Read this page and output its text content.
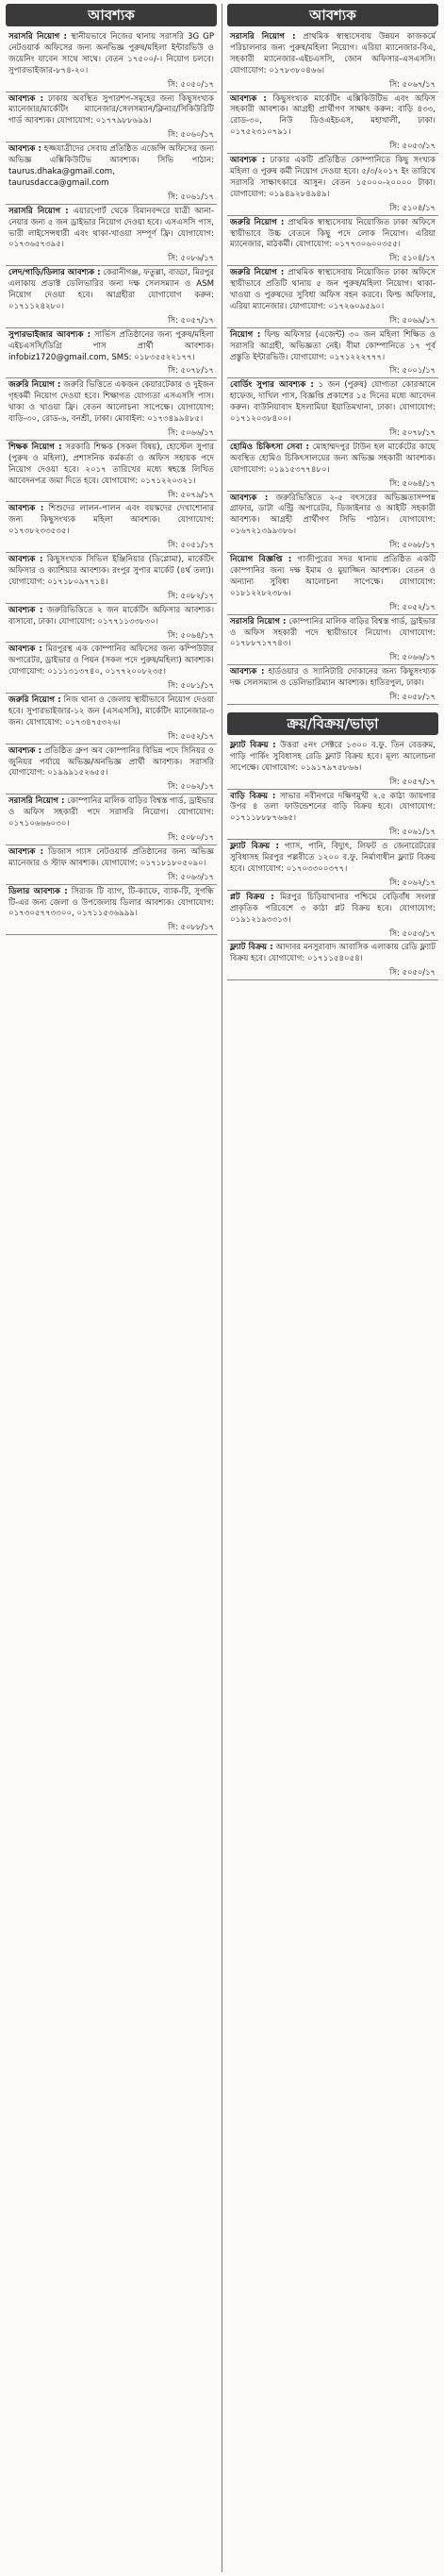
আবশ্যক
সরাসরি নিয়োগ : স্থানীয়ভাবে নিজের থানায় সরাসরি 3G GP নেটওয়ার্ক অফিসের জন্য অনভিজ্ঞ পুরুষ/মহিলা ইন্টারভিউ ও জয়েনিং যাবেন সাথে সাথে। বেতন ১৭৫০০/-। নিয়োগ চলবে। সুপারভাইজার-৮৭৪-২০।
সি: ৫০৫০/১৭
আবশ্যক : ঢাকায় অবস্থিত সুপারশপ-সমূহের জন্য কিছুসংখ্যক ম্যানেজার/মার্কেটিং ম্যানেজার/সেলসম্যান/ক্লিনার/সিকিউরিটি গার্ড আবশ্যক। যোগাযোগ: ০১৭৭৯৮৮৬৯৯।
সি: ৫০৬০/১৭
আবশ্যক : হজ্জযাত্রীদের সেবায় প্রতিষ্ঠিত এজেন্সি অফিসের জন্য অভিজ্ঞ এক্সিকিউটিভ আবশ্যক। সিভি পাঠান: taurus.dhaka@gmail.com, taurusdacca@gmail.com
সি: ৫০৬১/১৭
সরাসরি নিয়োগ : এয়ারপোর্ট থেকে বিমানবন্দরে যাত্রী আনা-নেয়ার জন্য ৫ জন ড্রাইভার নিয়োগ দেওয়া হবে। এসএসসি পাস, ভারী লাইসেন্সধারী এবং থাকা-খাওয়া সম্পূর্ণ ফ্রি। যোগাযোগ: ০১৭৩৬৫৭৩৯৫।
সি: ৫০৮৬/১৭
লেদ/গাড়ি/ডিলার আবশ্যক : কেরানীগঞ্জ, ফতুল্লা, বাড্ডা, মিরপুর এলাকায় প্রডাক্ট ডেলিভারির জন্য দক্ষ সেলসম্যান ও ASM নিয়োগ দেওয়া হবে। আগ্রহীরা যোগাযোগ করুন: ০১৭১১২৪২৮০।
সি: ৫০৫৭/১৭
সুপারভাইজার আবশ্যক : সার্ভিস প্রতিষ্ঠানের জন্য পুরুষ/মহিলা এইচএসসি/ডিগ্রি পাস প্রার্থী আবশ্যক। infobiz1720@gmail.com, SMS: ০১৮৩৫৫২২১৭৭।
সি: ৫০৭৮/১৭
জরুরি নিয়োগ : জরুরি ভিত্তিতে একজন কেয়ারটেকার ও দুইজন গৃহকর্মী নিয়োগ দেওয়া হবে। শিক্ষাগত যোগ্যতা এসএসসি পাস। থাকা ও খাওয়া ফ্রি। বেতন আলোচনা সাপেক্ষে। যোগাযোগ: বাড়ি-৩০, রোড-৬, বনশ্রী, ঢাকা। মোবাইল: ০১৭৩৪৯৯৪৮৫।
সি: ৫০৬৬/১৭
শিক্ষক নিয়োগ : সরকারি শিক্ষক (সকল বিষয়), হোস্টেল সুপার (পুরুষ ও মহিলা), প্রশাসনিক কর্মকর্তা ও অফিস সহায়ক পদে নিয়োগ দেওয়া হবে। ২০১৭ তারিখের মধ্যে স্বহস্তে লিখিত আবেদনপত্র জমা দিতে হবে। যোগাযোগ: ০১৭১২২০৩২১।
সি: ৫০৭৯/১৭
আবশ্যক : শিশুদের লালন-পালন এবং বয়স্কদের দেখাশোনার জন্য কিছুসংখ্যক মহিলা আবশ্যক। যোগাযোগ: ০১৭৩৮২৩৩৫৩৫।
সি: ৫০৫১/১৭
আবশ্যক : কিছুসংখ্যক সিভিল ইঞ্জিনিয়ার (ডিপ্লোমা), মার্কেটিং অফিসার ও ক্যাশিয়ার আবশ্যক। রংপুর সুপার মার্কেট (৪র্থ তলা)। যোগাযোগ: ০১৭১৮০৯৭৭১৪।
সি: ৫০৮২/১৭
আবশ্যক : জরুরিভিত্তিতে ২ জন মার্কেটিং অফিসার আবশ্যক। বাসাবো, ঢাকা। যোগাযোগ: ০১৭৭১১৩৩৮৩০।
সি: ৫০৬৪/১৭
আবশ্যক : মিরপুরস্থ এক কোম্পানির অফিসের জন্য কম্পিউটার অপারেটর, ড্রাইভার ও পিয়ন (সকল পদে পুরুষ/মহিলা) আবশ্যক। যোগাযোগ: ০১১১৩১৩৭৪০, ০১৭৭২০০৮২৩৫।
সি: ৫০৮১/১৭
জরুরি নিয়োগ : নিজ থানা ও জেলায় স্থায়ীভাবে নিয়োগ দেওয়া হবে। সুপারভাইজার-১২ জন (এসএসসি), মার্কেটিং ম্যানেজার-৩ জন। যোগাযোগ: ০১৭৩৪৭৫৩২৬।
সি: ৫০৫২/১৭
আবশ্যক : প্রতিষ্ঠিত গ্রুপ অব কোম্পানির বিভিন্ন পদে সিনিয়র ও জুনিয়র পর্যায়ে অভিজ্ঞ/অনভিজ্ঞ প্রার্থী আবশ্যক। সরাসরি যোগাযোগ: ০১৯৯৯১৫২৬৫৫।
সি: ৫০৬২/১৭
সরাসরি নিয়োগ : কোম্পানির মালিক বাড়ির বিশ্বস্ত গার্ড, ড্রাইভার ও অফিস সহকারী পদে সরাসরি নিয়োগ। যোগাযোগ: ০১৭১০৬৬৬০৩০।
সি: ৫০৮০/১৭
আবশ্যক : ডিজাস গ্যাস নেটওয়ার্ক প্রতিষ্ঠানের জন্য অভিজ্ঞ ম্যানেজার ও স্টাফ আবশ্যক। যোগাযোগ: ০১৭১৮১৮০৫০৯০।
সি: ৫০৬৩/১৭
ডিলার আবশ্যক : সিরাজ টি ব্যাগ, টি-ক্যাফে, ব্যাক-টি, সুগন্ধি টি-এর জন্য জেলা ও উপজেলায় ডিলার আবশ্যক। যোগাযোগ: ০১৭৩০৫৭৭৩৩০০, ০১৭১১৫৩৬৯৯৯।
সি: ৫০৮৮/১৭
আবশ্যক
সরাসরি নিয়োগ : প্রাথমিক স্বাস্থ্যসেবায় উন্নয়ন কাজকর্মে পরিচালনার জন্য পুরুষ/মহিলা নিয়োগ। এরিয়া ম্যানেজার-বিএ, সহকারী ম্যানেজার-এইচএসসি, জোন অফিসার-এসএসসি। যোগাযোগ: ০১৭৮৩৮০৪৬৬।
সি: ৫০৬৭/১৭
আবশ্যক : কিছুসংখ্যক মার্কেটিং এক্সিকিউটিভ এবং অফিস সহকারী আবশ্যক। আগ্রহী প্রার্থীগণ সাক্ষাৎ করুন: বাড়ি ৪৩৩, রোড-৩০, নিউ ডিওএইচএস, মহাখালী, ঢাকা। ০১৭৫২৩১০৭৯১।
সি: ৫০৫৩/১৭
আবশ্যক : ঢাকার একটি প্রতিষ্ঠিত কোম্পানিতে কিছু সংখ্যক মহিলা ও পুরুষ কর্মী নিয়োগ দেওয়া হবে। ৫/৩/২০১৭ ইং তারিখে সরাসরি সাক্ষাৎকারে আসুন। বেতন ১৫০০০-২০০০০ টাকা। যোগাযোগ: ০১৯৪৯২৮৪৯৪৯।
সি: ৫১০৪/১৭
জরুরি নিয়োগ : প্রাথমিক স্বাস্থ্যসেবায় নিয়োজিত ঢাকা অফিসে স্থায়ীভাবে উচ্চ বেতনে কিছু পদে লোক নিয়োগ। এরিয়া ম্যানেজার, মাঠকর্মী। যোগাযোগ: ০১৭৭৩০৬০০৩৫৫।
সি: ৫১০৪/১৭
জরুরি নিয়োগ : প্রাথমিক স্বাস্থ্যসেবায় নিয়োজিত ঢাকা অফিসে স্থায়ীভাবে প্রতিটি থানায় ৫ জন পুরুষ/মহিলা নিয়োগ। থাকা-খাওয়া ও পুরুষদের সুবিধা অফিস বহন করবে। ফিল্ড অফিসার, এরিয়া ম্যানেজার। যোগাযোগ: ০১৭২৬০৯৫৯০।
সি: ৫০৬৯/১৭
নিয়োগ : ফিল্ড অফিসার (এজেন্ট) ৩০ জন মহিলা শিক্ষিত ও সরাসরি আগ্রহী, অভিজ্ঞতা নেই। বীমা কোম্পানিতে ১৭ পূর্ব প্রস্তুতি ইন্টারভিউ। যোগাযোগ: ০১৭১২২২৭৭৭।
সি: ৫০০১/১৭
বোর্ডিং সুপার আবশ্যক : ১ জন (পুরুষ) যোগ্যতা কোরআনে হাফেজ, দাখিল পাস, বিজ্ঞপ্তি প্রকাশের ১৫ দিনের মধ্যে আবেদন করুন। বাউনিয়াবাদ ইসলামিয়া ইয়াতিমখানা, ঢাকা। যোগাযোগ: ০১৭১২০৩৮৪০০।
সি: ৫০৭৮/১৭
হোমিও চিকিৎসা সেবা : মোহাম্মদপুর টাউন হল মার্কেটের কাছে অবস্থিত হোমিও চিকিৎসালয়ের জন্য অভিজ্ঞ সহকারী আবশ্যক। যোগাযোগ: ০১৯১৫৩৭৭৪৮০।
সি: ৫০৬৪/১৭
আবশ্যক : জরুরিভিত্তিতে ২-৫ বৎসরের অভিজ্ঞতাসম্পন্ন গ্রাফার, ডাটা এন্ট্রি অপারেটর, ডিজাইনার ও আইটি সহকারী আবশ্যক। আগ্রহী প্রার্থীগণ সিভি পাঠান। যোগাযোগ: ০১৬৭২১৩৯৯৩৮৬।
সি: ৫০৬৮/১৭
নিয়োগ বিজ্ঞপ্তি : গাজীপুরের সদর থানায় প্রতিষ্ঠিত একটি কোম্পানির জন্য দক্ষ ইমাম ও মুয়াজ্জিন আবশ্যক। বেতন ও অন্যান্য সুবিধা আলোচনা সাপেক্ষে। যোগাযোগ: ০১৮১২২৮২৩৮৬।
সি: ৫০৫২/১৭
সরাসরি নিয়োগ : কোম্পানির মালিক বাড়ির বিশ্বস্ত গার্ড, ড্রাইভার ও অফিস সহকারী পদে স্থায়ীভাবে নিয়োগ। যোগাযোগ: ০১৭৮৮৭১৭৭৪৩।
সি: ৫০৬৬/১৭
আবশ্যক : হার্ডওয়ার ও স্যানিটারি দোকানের জন্য কিছুসংখ্যক দক্ষ সেলসম্যান ও ডেলিভারিম্যান আবশ্যক। হাতিরপুল, ঢাকা।
সি: ৫০৫৮/১৭
ক্রয়/বিক্রয়/ভাড়া
ফ্ল্যাট বিক্রয় : উত্তরা ৫নং সেক্টরে ১৩০০ ব.ফু. তিন বেডরুম, গাড়ি পার্কিং সুবিধাসহ রেডি ফ্ল্যাট বিক্রয় হবে। মূল্য আলোচনা সাপেক্ষে। যোগাযোগ: ০১৯১৭৯৭৫৮৬৬।
সি: ৫০৫৭/১৭
বাড়ি বিক্রয় : সাভার নবীনগরে দক্ষিণমুখী ২.৫ কাঠা জায়গার উপর ৪ তলা ফাউন্ডেশনের বাড়ি বিক্রয় হবে। যোগাযোগ: ০১৭১১৮৮৮৭৬৬৫।
সি: ৫০৬১/১৭
ফ্ল্যাট বিক্রয় : গ্যাস, পানি, বিদ্যুৎ, লিফট ও জেনারেটরের সুবিধাসহ মিরপুর পল্লবীতে ১২০০ ব.ফু. নির্মাণাধীন ফ্ল্যাট বিক্রয় হবে। যোগাযোগ: ০১৭০৩৩০০৩৭৭।
সি: ৫০৬২/১৭
প্লট বিক্রয় : মিরপুর চিড়িয়াখানার পশ্চিমে বেড়িবাঁধ সংলগ্ন প্রাকৃতিক পরিবেশে ৩ কাঠা প্লট বিক্রয় হবে। যোগাযোগ: ০১৯১২১৯৩৩১৩।
সি: ৫০৫৩/১৭
ফ্ল্যাট বিক্রয় : আদাবর মনসুরাবাদ আবাসিক এলাকায় রেডি ফ্ল্যাট বিক্রয় হবে। যোগাযোগ: ০১৭১১৫৪০৫৪।
সি: ৫০৫০/১৭
